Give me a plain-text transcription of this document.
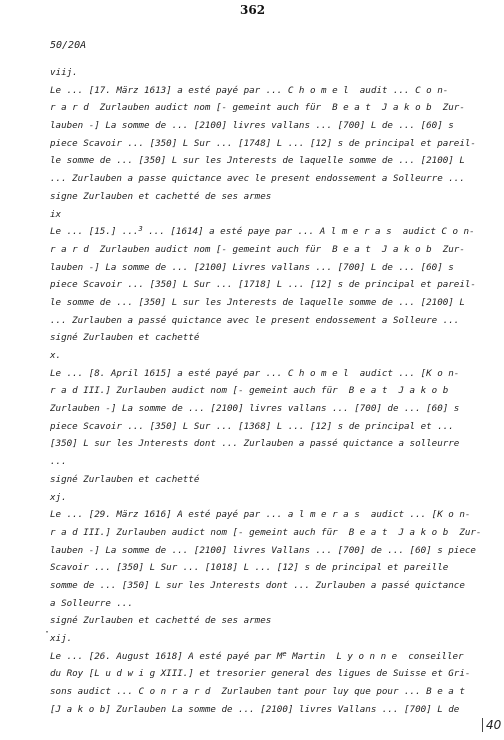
362
50/20A
viij.
Le ... [17. März 1613] a esté payé par ... C h o m e l  audit ... C o n-
r a r d  Zurlauben audict nom [- gemeint auch für  B e a t  J a k o b  Zur-
lauben -] La somme de ... [2100] livres vallans ... [700] L de ... [60] s
piece Scavoir ... [350] L Sur ... [1748] L ... [12] s de principal et pareil-
le somme de ... [350] L sur les Jnterests de laquelle somme de ... [2100] L
... Zurlauben a passe quictance avec le present endossement a Solleurre ...
signe Zurlauben et cachetté de ses armes
ix
Le ... [15.] ...$^3$ ... [1614] a esté paye par ... A l m e r a s  audict C o n-
r a r d  Zurlauben audict nom [- gemeint auch für  B e a t  J a k o b  Zur-
lauben -] La somme de ... [2100] Livres vallans ... [700] L de ... [60] s
piece Scavoir ... [350] L Sur ... [1718] L ... [12] s de principal et pareil-
le somme de ... [350] L sur les Jnterests de laquelle somme de ... [2100] L
... Zurlauben a passé quictance avec le present endossement a Solleure ...
signé Zurlauben et cachetté
x.
Le ... [8. April 1615] a esté payé par ... C h o m e l  audict ... [K o n-
r a d III.] Zurlauben audict nom [- gemeint auch für  B e a t  J a k o b
Zurlauben -] La somme de ... [2100] livres vallans ... [700] de ... [60] s
piece Scavoir ... [350] L Sur ... [1368] L ... [12] s de principal et ...
[350] L sur les Jnterests dont ... Zurlauben a passé quictance a solleurre
...
signé Zurlauben et cachetté
xj.
Le ... [29. März 1616] A esté payé par ... a l m e r a s  audict ... [K o n-
r a d III.] Zurlauben audict nom [- gemeint auch für  B e a t  J a k o b  Zur-
lauben -] La somme de ... [2100] livres Vallans ... [700] de ... [60] s piece
Scavoir ... [350] L Sur ... [1018] L ... [12] s de principal et pareille
somme de ... [350] L sur les Jnterests dont ... Zurlauben a passé quictance
a Solleurre ...
signé Zurlauben et cachetté de ses armes
xij.
Le ... [26. August 1618] A esté payé par Me Martin  L y o n n e  conseiller
du Roy [L u d w i g XIII.] et tresorier general des ligues de Suisse et Gri-
sons audict ... C o n r a r d  Zurlauben tant pour luy que pour ... B e a t
[J a k o b] Zurlauben La somme de ... [2100] livres Vallans ... [700] L de
·
40
